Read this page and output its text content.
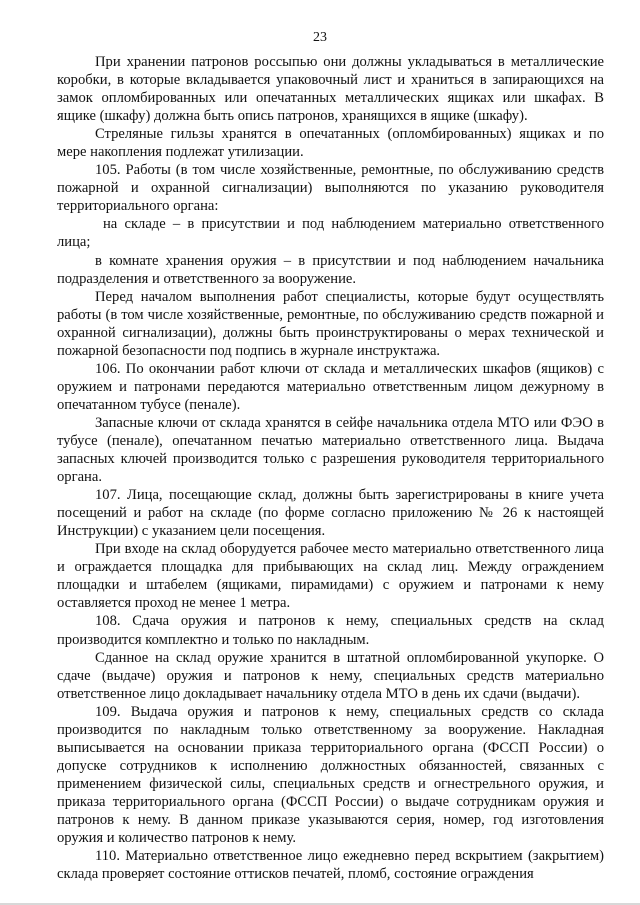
23

При хранении патронов россыпью они должны укладываться в металлические коробки, в которые вкладывается упаковочный лист и храниться в запирающихся на замок опломбированных или опечатанных металлических ящиках или шкафах. В ящике (шкафу) должна быть опись патронов, хранящихся в ящике (шкафу).

Стреляные гильзы хранятся в опечатанных (опломбированных) ящиках и по мере накопления подлежат утилизации.

105. Работы (в том числе хозяйственные, ремонтные, по обслуживанию средств пожарной и охранной сигнализации) выполняются по указанию руководителя территориального органа:

на складе – в присутствии и под наблюдением материально ответственного лица;

в комнате хранения оружия – в присутствии и под наблюдением начальника подразделения и ответственного за вооружение.

Перед началом выполнения работ специалисты, которые будут осуществлять работы (в том числе хозяйственные, ремонтные, по обслуживанию средств пожарной и охранной сигнализации), должны быть проинструктированы о мерах технической и пожарной безопасности под подпись в журнале инструктажа.

106. По окончании работ ключи от склада и металлических шкафов (ящиков) с оружием и патронами передаются материально ответственным лицом дежурному в опечатанном тубусе (пенале).

Запасные ключи от склада хранятся в сейфе начальника отдела МТО или ФЭО в тубусе (пенале), опечатанном печатью материально ответственного лица. Выдача запасных ключей производится только с разрешения руководителя территориального органа.

107. Лица, посещающие склад, должны быть зарегистрированы в книге учета посещений и работ на складе (по форме согласно приложению № 26 к настоящей Инструкции) с указанием цели посещения.

При входе на склад оборудуется рабочее место материально ответственного лица и ограждается площадка для прибывающих на склад лиц. Между ограждением площадки и штабелем (ящиками, пирамидами) с оружием и патронами к нему оставляется проход не менее 1 метра.

108. Сдача оружия и патронов к нему, специальных средств на склад производится комплектно и только по накладным.

Сданное на склад оружие хранится в штатной опломбированной укупорке. О сдаче (выдаче) оружия и патронов к нему, специальных средств материально ответственное лицо докладывает начальнику отдела МТО в день их сдачи (выдачи).

109. Выдача оружия и патронов к нему, специальных средств со склада производится по накладным только ответственному за вооружение. Накладная выписывается на основании приказа территориального органа (ФССП России) о допуске сотрудников к исполнению должностных обязанностей, связанных с применением физической силы, специальных средств и огнестрельного оружия, и приказа территориального органа (ФССП России) о выдаче сотрудникам оружия и патронов к нему. В данном приказе указываются серия, номер, год изготовления оружия и количество патронов к нему.

110. Материально ответственное лицо ежедневно перед вскрытием (закрытием) склада проверяет состояние оттисков печатей, пломб, состояние ограждения
